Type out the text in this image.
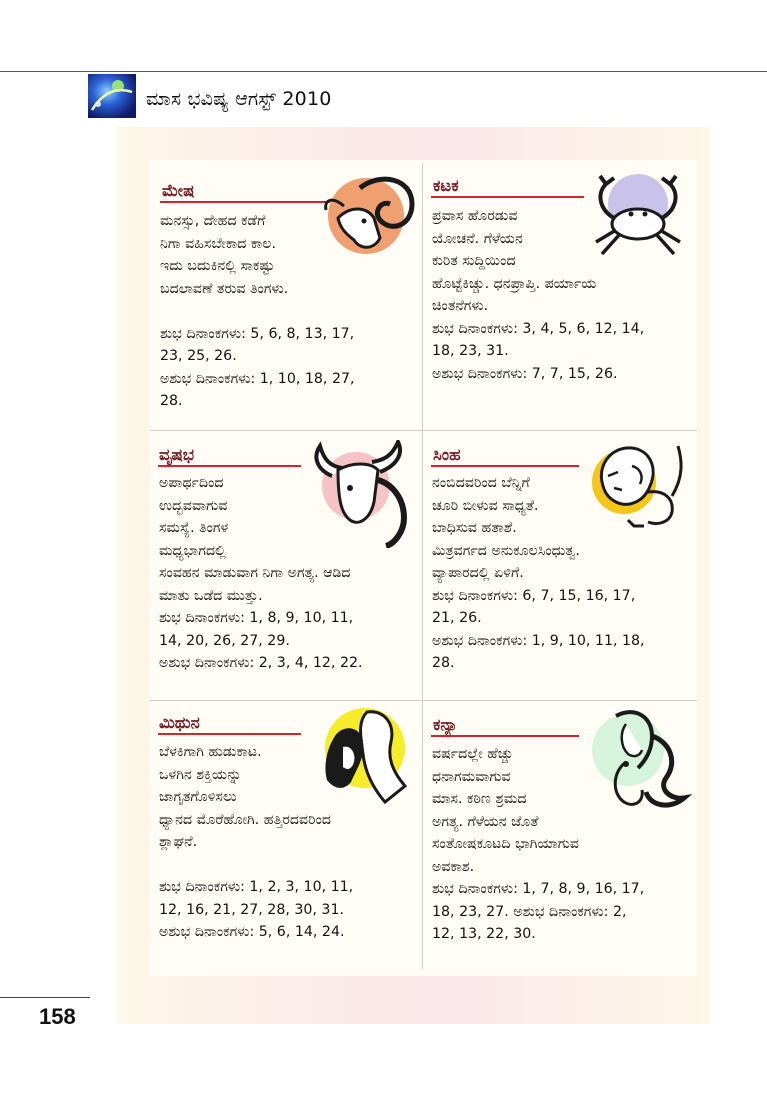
ಮಾಸ ಭವಿಷ್ಯ ಆಗಸ್ಟ್ 2010
ಮೇಷ
ಮನಸ್ಸು, ದೇಹದ ಕಡೆಗೆ
ನಿಗಾ ವಹಿಸಬೇಕಾದ ಕಾಲ.
ಇದು ಬದುಕಿನಲ್ಲಿ ಸಾಕಷ್ಟು
ಬದಲಾವಣೆ ತರುವ ತಿಂಗಳು.

ಶುಭ ದಿನಾಂಕಗಳು: 5, 6, 8, 13, 17,
23, 25, 26.
ಅಶುಭ ದಿನಾಂಕಗಳು: 1, 10, 18, 27,
28.
ಕಟಕ
ಪ್ರವಾಸ ಹೊರಡುವ
ಯೋಚನೆ. ಗೆಳೆಯನ
ಕುರಿತ ಸುದ್ದಿಯಿಂದ
ಹೊಟ್ಟೆಕಿಚ್ಚು. ಧನಪ್ರಾಪ್ತಿ. ಪರ್ಯಾಯ
ಚಿಂತನೆಗಳು.
ಶುಭ ದಿನಾಂಕಗಳು: 3, 4, 5, 6, 12, 14,
18, 23, 31.
ಅಶುಭ ದಿನಾಂಕಗಳು: 7, 7, 15, 26.
ವೃಷಭ
ಅಪಾರ್ಥದಿಂದ
ಉದ್ಭವವಾಗುವ
ಸಮಸ್ಯೆ. ತಿಂಗಳ
ಮಧ್ಯಭಾಗದಲ್ಲಿ
ಸಂವಹನ ಮಾಡುವಾಗ ನಿಗಾ ಅಗತ್ಯ. ಆಡಿದ
ಮಾತು ಒಡೆದ ಮುತ್ತು.
ಶುಭ ದಿನಾಂಕಗಳು: 1, 8, 9, 10, 11,
14, 20, 26, 27, 29.
ಅಶುಭ ದಿನಾಂಕಗಳು: 2, 3, 4, 12, 22.
ಸಿಂಹ
ನಂಬಿದವರಿಂದ ಬೆನ್ನಿಗೆ
ಚೂರಿ ಬೀಳುವ ಸಾಧ್ಯತೆ.
ಬಾಧಿಸುವ ಹತಾಶೆ.
ಮಿತ್ರವರ್ಗದ ಅನುಕೂಲಸಿಂಧುತ್ವ.
ವ್ಯಾಪಾರದಲ್ಲಿ ಏಳಿಗೆ.
ಶುಭ ದಿನಾಂಕಗಳು: 6, 7, 15, 16, 17,
21, 26.
ಅಶುಭ ದಿನಾಂಕಗಳು: 1, 9, 10, 11, 18,
28.
ಮಿಥುನ
ಬೆಳಕಿಗಾಗಿ ಹುಡುಕಾಟ.
ಒಳಗಿನ ಶಕ್ತಿಯನ್ನು
ಜಾಗೃತಗೊಳಿಸಲು
ಧ್ಯಾನದ ಮೊರೆಹೋಗಿ. ಹತ್ತಿರದವರಿಂದ
ಶ್ಲಾಘನೆ.

ಶುಭ ದಿನಾಂಕಗಳು: 1, 2, 3, 10, 11,
12, 16, 21, 27, 28, 30, 31.
ಅಶುಭ ದಿನಾಂಕಗಳು: 5, 6, 14, 24.
ಕನ್ಯಾ
ವರ್ಷದಲ್ಲೇ ಹೆಚ್ಚು
ಧನಾಗಮವಾಗುವ
ಮಾಸ. ಕಠಿಣ ಶ್ರಮದ
ಅಗತ್ಯ. ಗೆಳೆಯನ ಜೊತೆ
ಸಂತೋಷಕೂಟದಿ ಭಾಗಿಯಾಗುವ
ಅವಕಾಶ.
ಶುಭ ದಿನಾಂಕಗಳು: 1, 7, 8, 9, 16, 17,
18, 23, 27. ಅಶುಭ ದಿನಾಂಕಗಳು: 2,
12, 13, 22, 30.
158
